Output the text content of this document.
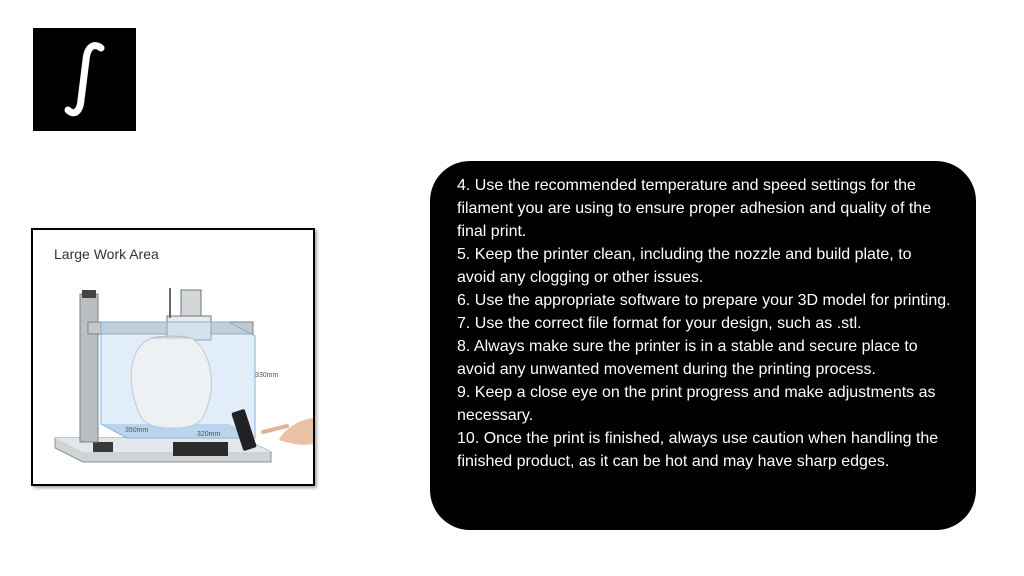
Large Work Area
330mm
350mm
320mm
4. Use the recommended temperature and speed settings for the filament you are using to ensure proper adhesion and quality of the final print.
5. Keep the printer clean, including the nozzle and build plate, to avoid any clogging or other issues.
6. Use the appropriate software to prepare your 3D model for printing.
7. Use the correct file format for your design, such as .stl.
8. Always make sure the printer is in a stable and secure place to avoid any unwanted movement during the printing process.
9. Keep a close eye on the print progress and make adjustments as necessary.
10. Once the print is finished, always use caution when handling the finished product, as it can be hot and may have sharp edges.
